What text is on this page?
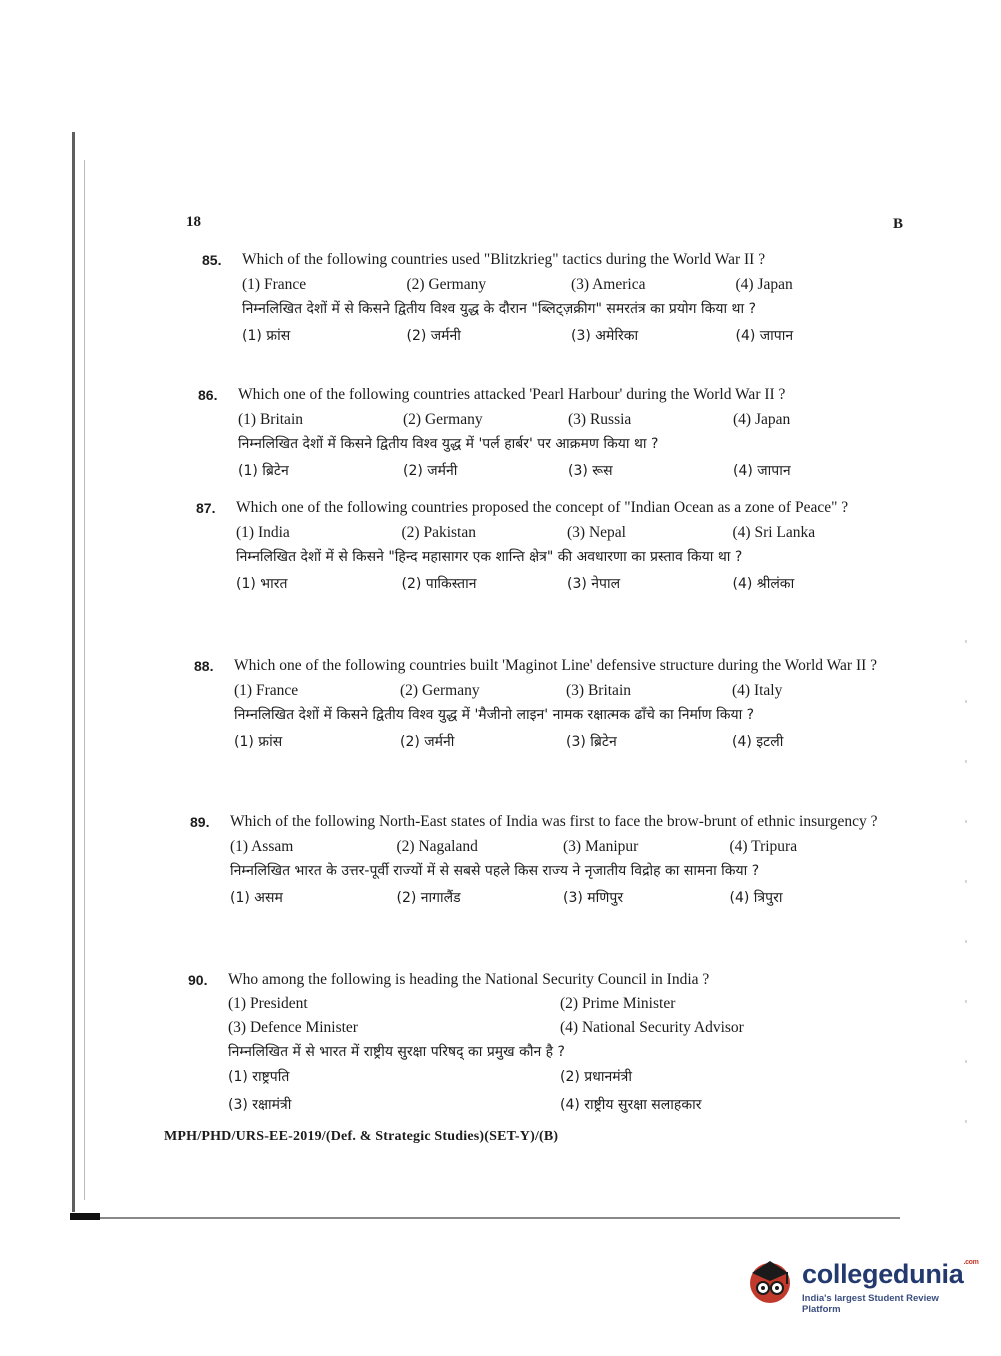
18	B
85.	Which of the following countries used "Blitzkrieg" tactics during the World War II ?
(1) France	(2) Germany	(3) America	(4) Japan
निम्नलिखित देशों में से किसने द्वितीय विश्व युद्ध के दौरान "ब्लिट्ज़क्रीग" समरतंत्र का प्रयोग किया था ?
(1) फ्रांस	(2) जर्मनी	(3) अमेरिका	(4) जापान
86.	Which one of the following countries attacked 'Pearl Harbour' during the World War II ?
(1) Britain	(2) Germany	(3) Russia	(4) Japan
निम्नलिखित देशों में किसने द्वितीय विश्व युद्ध में 'पर्ल हार्बर' पर आक्रमण किया था ?
(1) ब्रिटेन	(2) जर्मनी	(3) रूस	(4) जापान
87.	Which one of the following countries proposed the concept of "Indian Ocean as a zone of Peace" ?
(1) India	(2) Pakistan	(3) Nepal	(4) Sri Lanka
निम्नलिखित देशों में से किसने "हिन्द महासागर एक शान्ति क्षेत्र" की अवधारणा का प्रस्ताव किया था ?
(1) भारत	(2) पाकिस्तान	(3) नेपाल	(4) श्रीलंका
88.	Which one of the following countries built 'Maginot Line' defensive structure during the World War II ?
(1) France	(2) Germany	(3) Britain	(4) Italy
निम्नलिखित देशों में किसने द्वितीय विश्व युद्ध में 'मैजीनो लाइन' नामक रक्षात्मक ढाँचे का निर्माण किया ?
(1) फ्रांस	(2) जर्मनी	(3) ब्रिटेन	(4) इटली
89.	Which of the following North-East states of India was first to face the brow-brunt of ethnic insurgency ?
(1) Assam	(2) Nagaland	(3) Manipur	(4) Tripura
निम्नलिखित भारत के उत्तर-पूर्वी राज्यों में से सबसे पहले किस राज्य ने नृजातीय विद्रोह का सामना किया ?
(1) असम	(2) नागालैंड	(3) मणिपुर	(4) त्रिपुरा
90.	Who among the following is heading the National Security Council in India ?
(1) President	(2) Prime Minister
(3) Defence Minister	(4) National Security Advisor
निम्नलिखित में से भारत में राष्ट्रीय सुरक्षा परिषद् का प्रमुख कौन है ?
(1) राष्ट्रपति	(2) प्रधानमंत्री
(3) रक्षामंत्री	(4) राष्ट्रीय सुरक्षा सलाहकार
MPH/PHD/URS-EE-2019/(Def. & Strategic Studies)(SET-Y)/(B)
collegedunia$^{.com}$
India's largest Student Review Platform
